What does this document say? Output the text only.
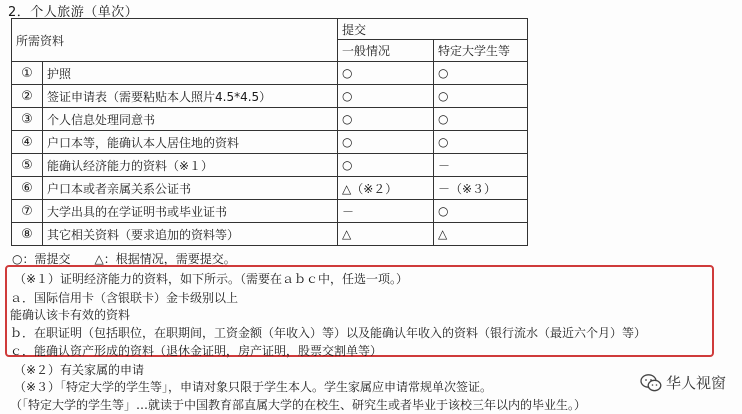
2．个人旅游（单次）
所需资料		提交	
		一般情况	特定大学生等
①	护照	○	○
②	签证申请表（需要粘贴本人照片4.5*4.5）	○	○
③	个人信息处理同意书	○	○
④	户口本等，能确认本人居住地的资料	○	○
⑤	能确认经济能力的资料（※１）	○	－
⑥	户口本或者亲属关系公证书	△（※２）	－（※３）
⑦	大学出具的在学证明书或毕业证书	－	○
⑧	其它相关资料（要求追加的资料等）	△	△
○：需提交　　△：根据情况，需要提交。
（※１）证明经济能力的资料，如下所示。（需要在ａｂｃ中，任选一项。）
ａ．国际信用卡（含银联卡）金卡级别以上
能确认该卡有效的资料
ｂ．在职证明（包括职位，在职期间，工资金额（年收入）等）以及能确认年收入的资料（银行流水（最近六个月）等）
ｃ．能确认资产形成的资料（退休金证明，房产证明，股票交割单等）
（※２）有关家属的申请
（※３）「特定大学的学生等」，申请对象只限于学生本人。学生家属应申请常规单次签证。
（「特定大学的学生等」…就读于中国教育部直属大学的在校生、研究生或者毕业于该校三年以内的毕业生。）
华人视窗
